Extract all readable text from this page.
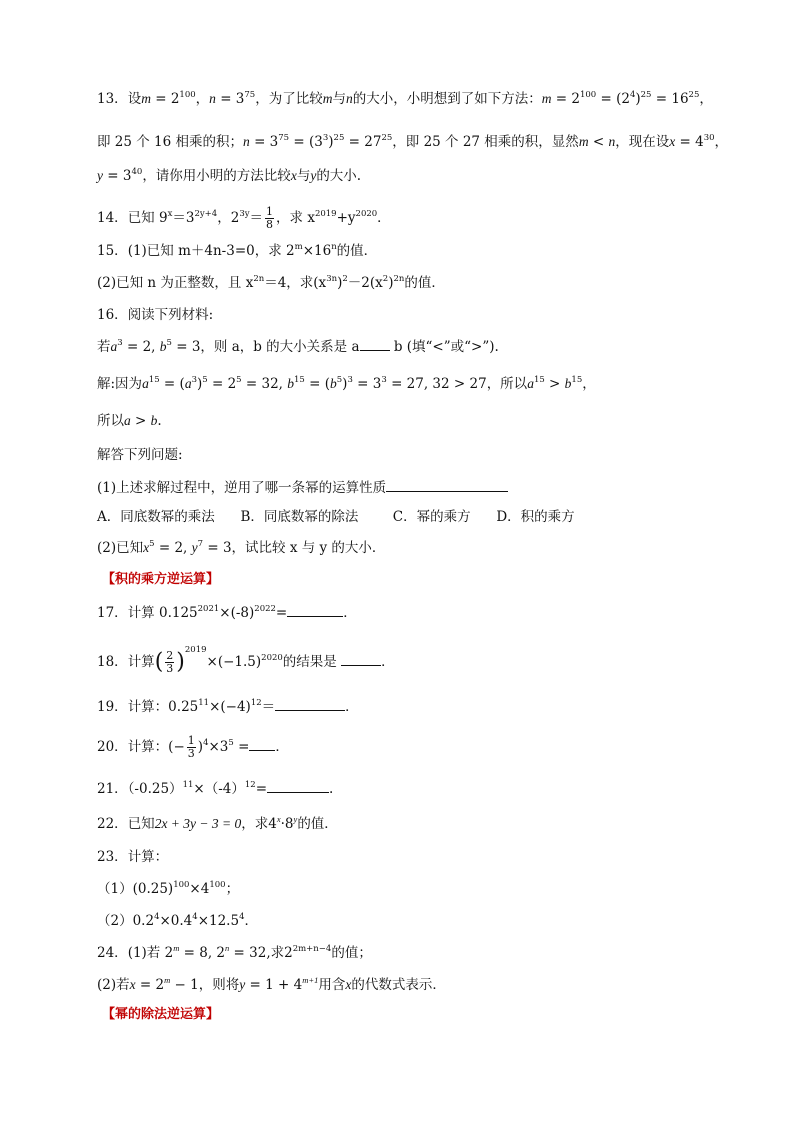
13．设$m = 2^{100}$，$n = 3^{75}$，为了比较m与n的大小，小明想到了如下方法：$m = 2^{100} = (2^4)^{25} = 16^{25}$，
即 25 个 16 相乘的积；$n = 3^{75} = (3^3)^{25} = 27^{25}$，即 25 个 27 相乘的积，显然m < n，现在设$x = 4^{30}$，
$y = 3^{40}$，请你用小明的方法比较x与y的大小.
14．已知 $9^x=3^{2y+4}$，$2^{3y}= \frac{1}{8}$ ，求 $x^{2019}+y^{2020}$．
15．(1)已知 m＋4n-3=0，求 $2^m\times 16^n$的值．
(2)已知 n 为正整数，且 $x^{2n}=4$，求$(x^{3n})^2-2(x^2)^{2n}$的值．
16．阅读下列材料:
若$a^3 = 2$, $b^5 = 3$，则 a，b 的大小关系是 a b (填“<”或“>”).
解:因为$a^{15} = (a^3)^5 = 2^5 = 32$, $b^{15} = (b^5)^3 = 3^3 = 27$, 32 > 27，所以$a^{15} > b^{15}$，
所以a > b.
解答下列问题:
(1)上述求解过程中，逆用了哪一条幂的运算性质
A．同底数幂的乘法      B．同底数幂的除法        C．幂的乘方      D．积的乘方
(2)已知$x^5 = 2$, $y^7 = 3$，试比较 x 与 y 的大小．
【积的乘方逆运算】
17．计算 $0.125^{2021}\times(-8)^{2022}=$	．
18．计算( $\frac{2}{3} )^{2019}\times(-1.5)^{2020}$的结果是	．
19．计算：$0.25^{11}\times(-4)^{12}=$	．
20．计算：(− $\frac{1}{3} )^4\times 3^5$ = ．
21．$(-0.25)^{11}\times(-4)^{12}=$	.
22．已知2x + 3y − 3 = 0，求$4^x\cdot 8^y$的值．
23．计算：
$(1)(0.25)^{100}\times 4^{100}$；
$(2)0.2^4\times 0.4^4\times 12.5^4$．
24．(1)若 $2^m = 8$, $2^n = 32$,求$2^{2m+n-4}$的值；
(2)若$x = 2^m - 1$，则将$y = 1 + 4^{m+1}$用含x的代数式表示．
【幂的除法逆运算】
